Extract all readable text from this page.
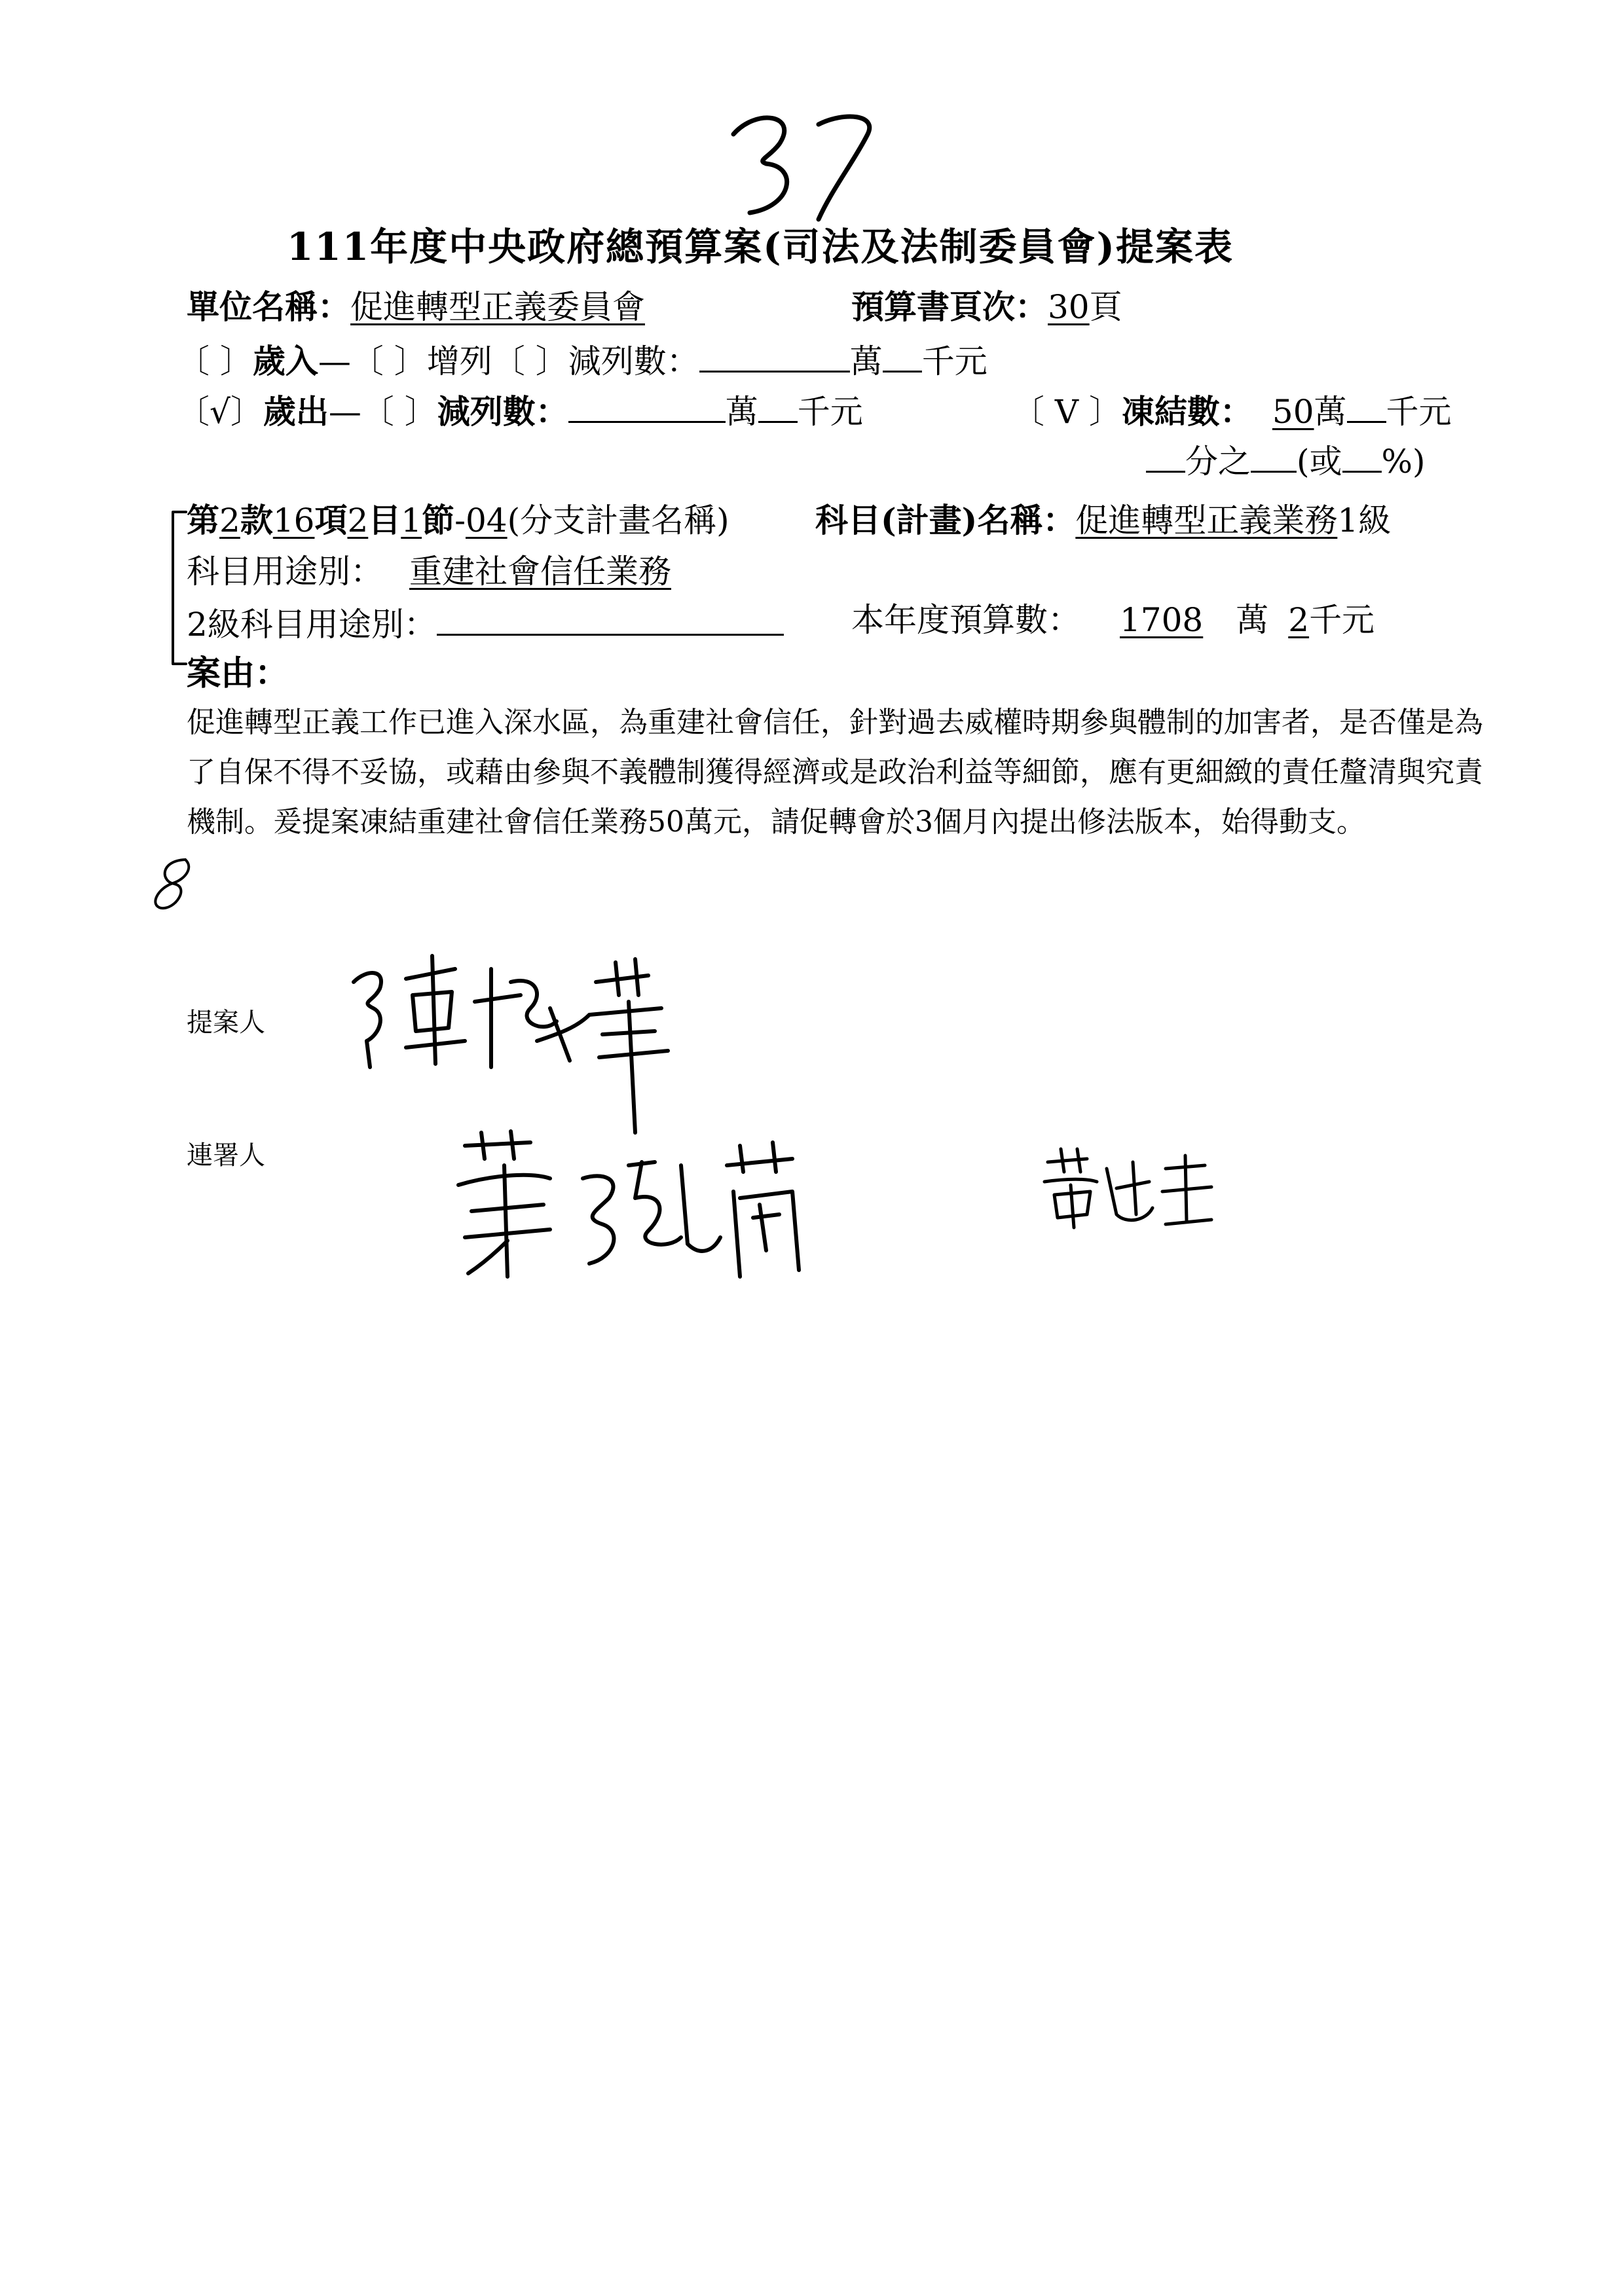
111年度中央政府總預算案(司法及法制委員會)提案表
單位名稱：促進轉型正義委員會	預算書頁次：30頁
〔 〕歲入—〔 〕增列〔 〕減列數：	萬 千元
〔√〕歲出—〔 〕減列數：	萬 千元	〔 V 〕凍結數： 50萬 千元
分之 (或 %)
第2款16項2目1節-04(分支計畫名稱)	科目(計畫)名稱：促進轉型正義業務1級
科目用途別： 重建社會信任業務
2級科目用途別：	本年度預算數： 1708 萬 2千元
案由：
促進轉型正義工作已進入深水區，為重建社會信任，針對過去威權時期參與體制的加害者，是否僅是為了自保不得不妥協，或藉由參與不義體制獲得經濟或是政治利益等細節，應有更細緻的責任釐清與究責機制。爰提案凍結重建社會信任業務50萬元，請促轉會於3個月內提出修法版本，始得動支。
提案人
連署人
